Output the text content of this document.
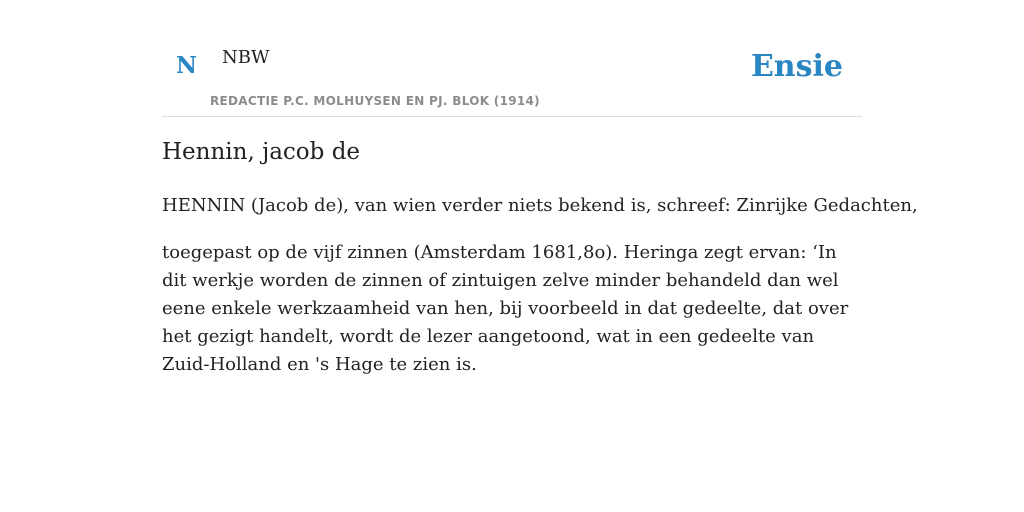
N NBW	Ensie
REDACTIE P.C. MOLHUYSEN EN PJ. BLOK (1914)
Hennin, jacob de

HENNIN (Jacob de), van wien verder niets bekend is, schreef: Zinrijke Gedachten,

toegepast op de vijf zinnen (Amsterdam 1681,8o). Heringa zegt ervan: ‘In dit werkje worden de zinnen of zintuigen zelve minder behandeld dan wel eene enkele werkzaamheid van hen, bij voorbeeld in dat gedeelte, dat over het gezigt handelt, wordt de lezer aangetoond, wat in een gedeelte van Zuid-Holland en 's Hage te zien is.
